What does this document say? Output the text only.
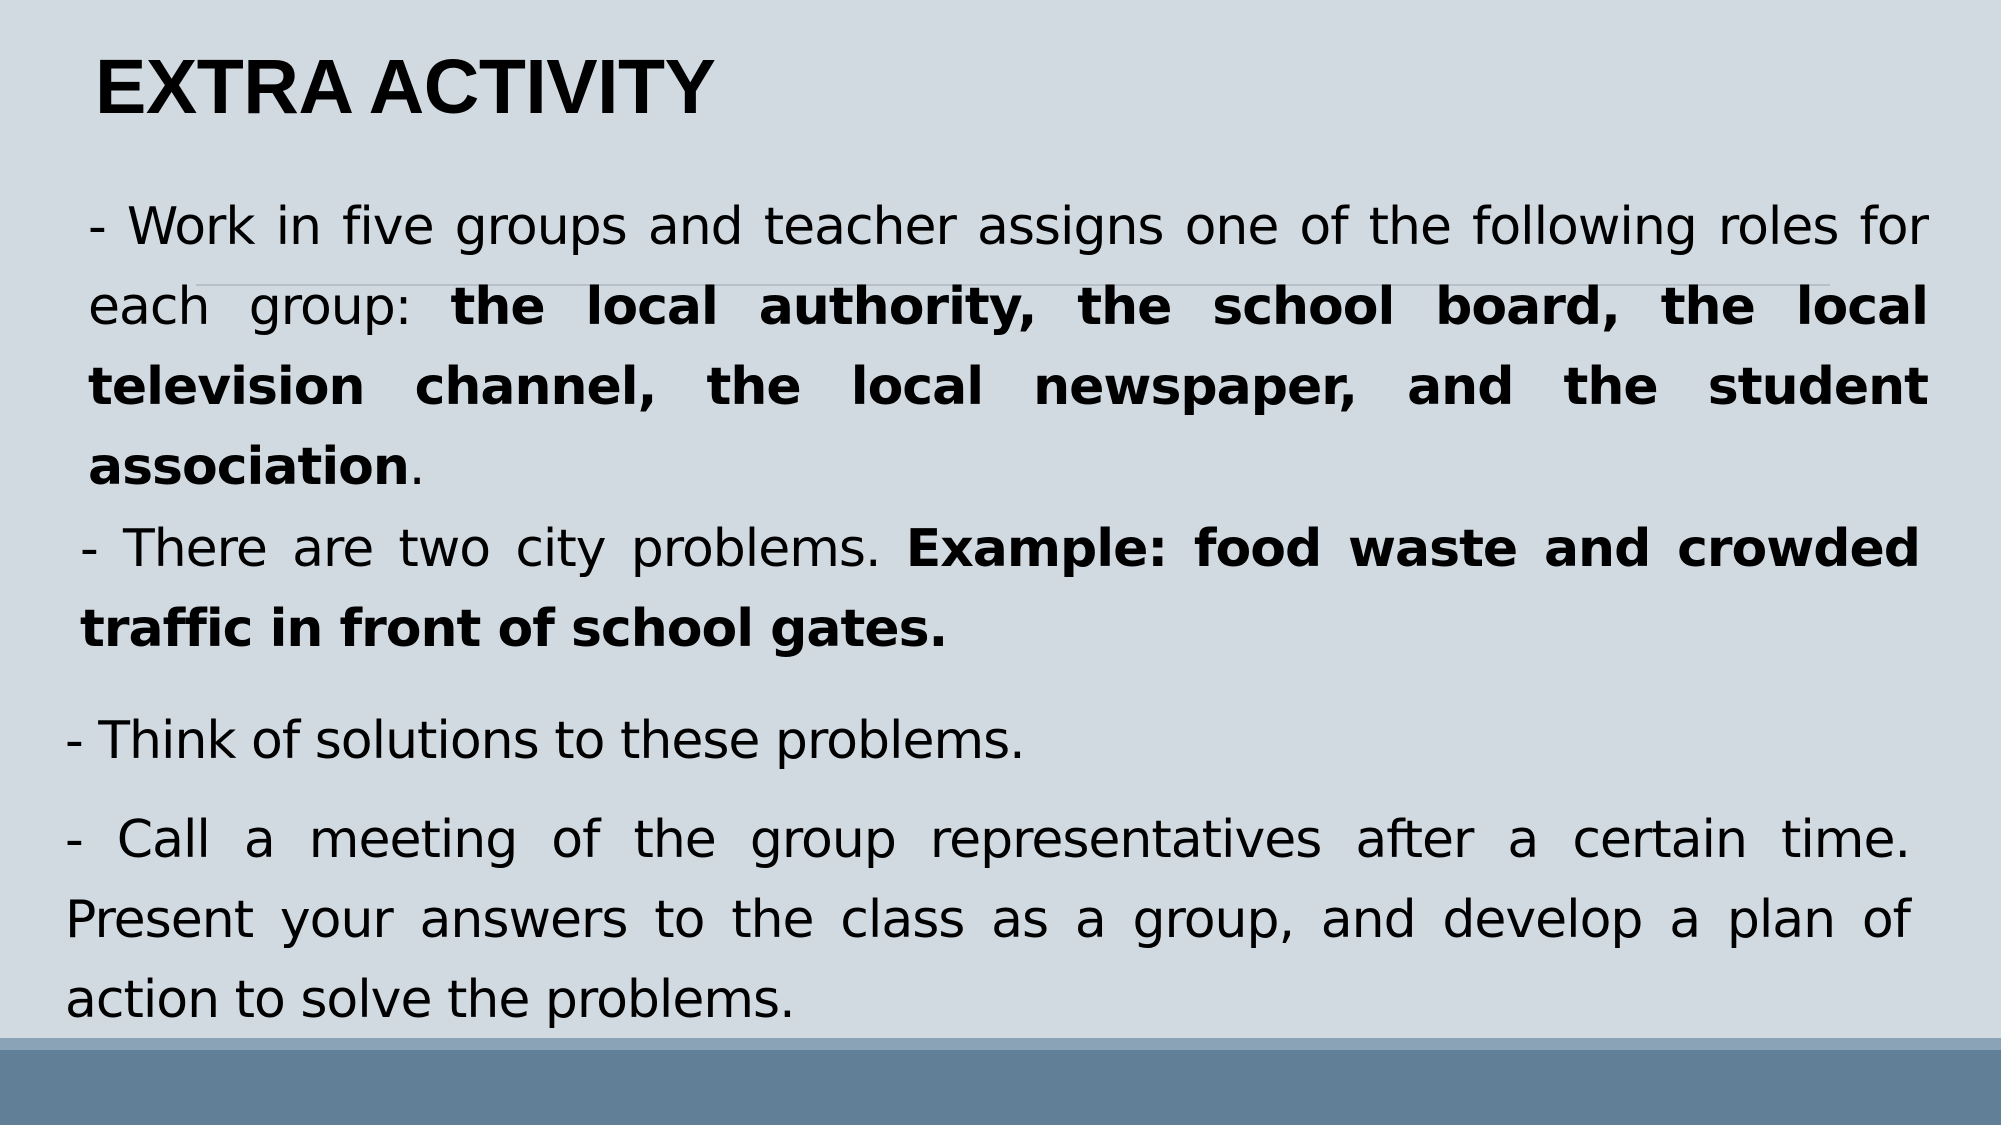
EXTRA ACTIVITY

- Work in five groups and teacher assigns one of the following roles for each group: the local authority, the school board, the local television channel, the local newspaper, and the student association.

- There are two city problems. Example: food waste and crowded traffic in front of school gates.

- Think of solutions to these problems.

- Call a meeting of the group representatives after a certain time.
Present your answers to the class as a group, and develop a plan of action to solve the problems.
